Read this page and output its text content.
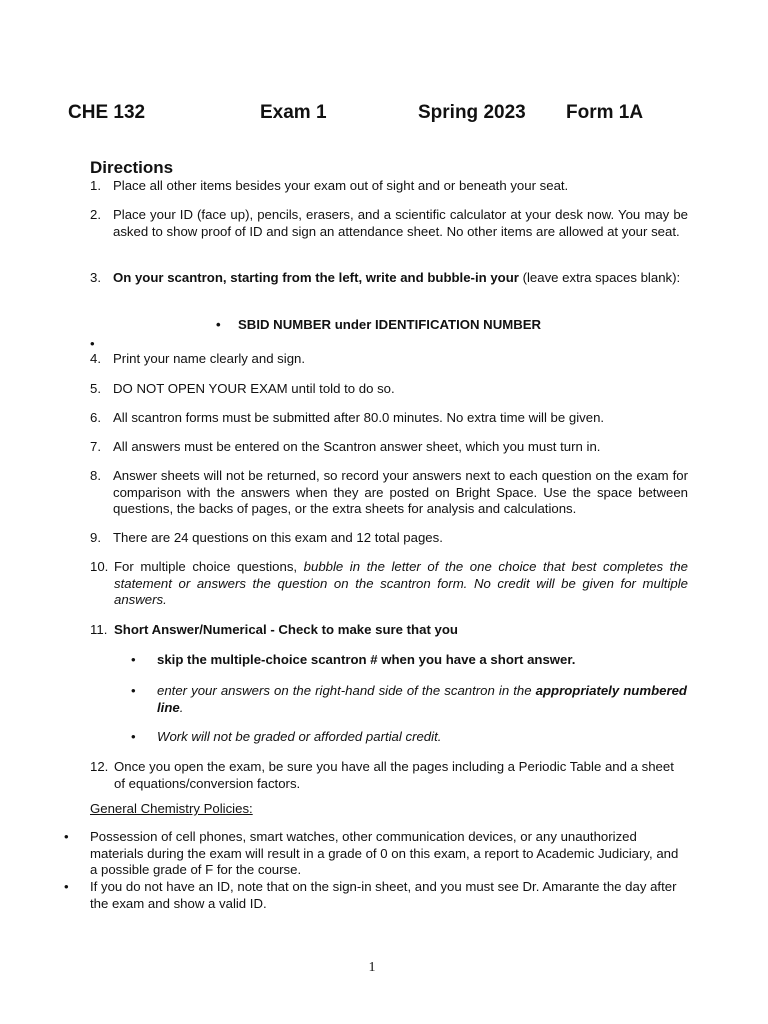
CHE 132	Exam 1	Spring 2023 Form 1A
Directions
1. Place all other items besides your exam out of sight and or beneath your seat.
2. Place your ID (face up), pencils, erasers, and a scientific calculator at your desk now. You may be asked to show proof of ID and sign an attendance sheet. No other items are allowed at your seat.
3. On your scantron, starting from the left, write and bubble-in your (leave extra spaces blank):
• SBID NUMBER under IDENTIFICATION NUMBER
•
4. Print your name clearly and sign.
5. DO NOT OPEN YOUR EXAM until told to do so.
6. All scantron forms must be submitted after 80.0 minutes. No extra time will be given.
7. All answers must be entered on the Scantron answer sheet, which you must turn in.
8. Answer sheets will not be returned, so record your answers next to each question on the exam for comparison with the answers when they are posted on Bright Space. Use the space between questions, the backs of pages, or the extra sheets for analysis and calculations.
9. There are 24 questions on this exam and 12 total pages.
10. For multiple choice questions, bubble in the letter of the one choice that best completes the statement or answers the question on the scantron form. No credit will be given for multiple answers.
11. Short Answer/Numerical - Check to make sure that you
• skip the multiple-choice scantron # when you have a short answer.
• enter your answers on the right-hand side of the scantron in the appropriately numbered line.
• Work will not be graded or afforded partial credit.
12. Once you open the exam, be sure you have all the pages including a Periodic Table and a sheet of equations/conversion factors.
General Chemistry Policies:
• Possession of cell phones, smart watches, other communication devices, or any unauthorized materials during the exam will result in a grade of 0 on this exam, a report to Academic Judiciary, and a possible grade of F for the course.
• If you do not have an ID, note that on the sign-in sheet, and you must see Dr. Amarante the day after the exam and show a valid ID.
1
